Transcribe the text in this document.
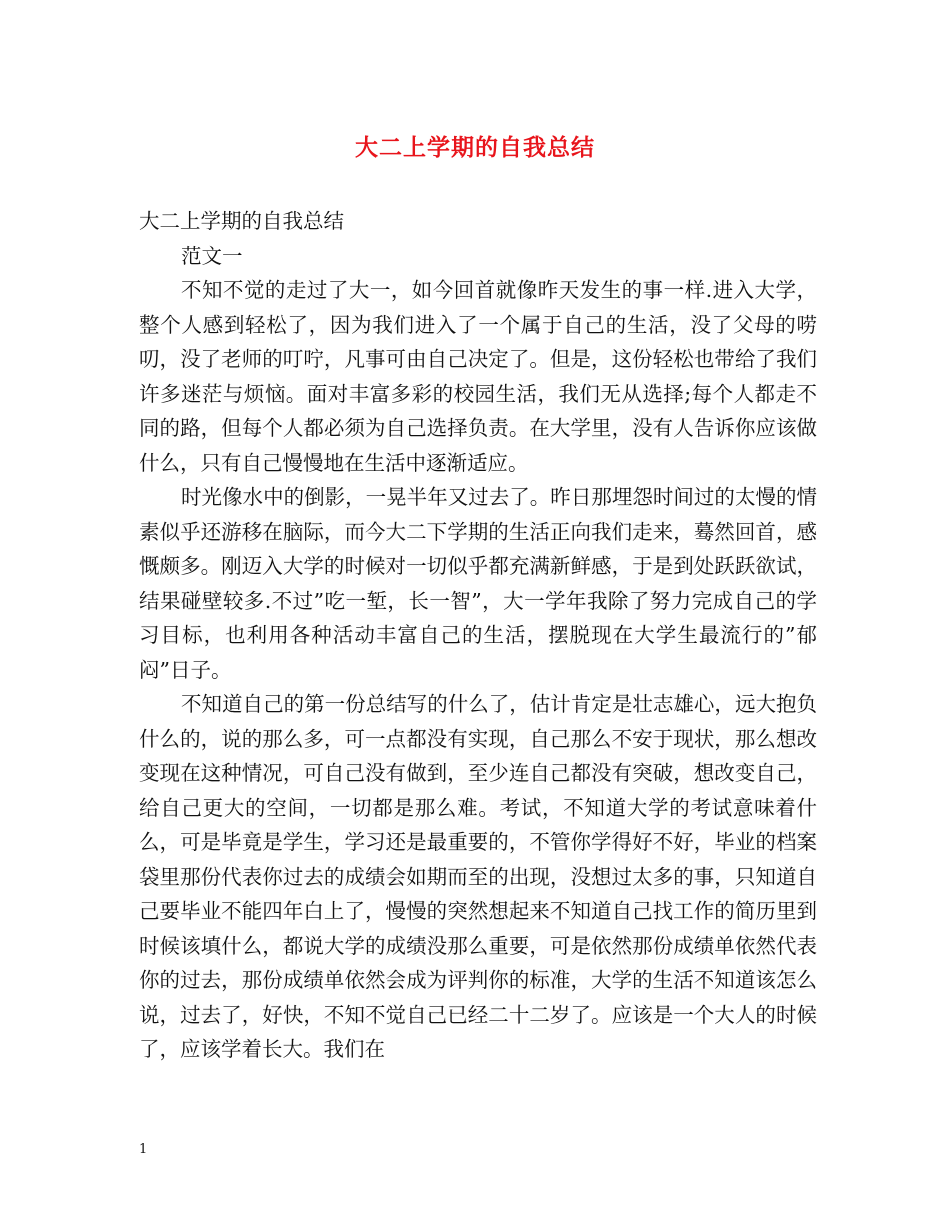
大二上学期的自我总结

大二上学期的自我总结

范文一

不知不觉的走过了大一，如今回首就像昨天发生的事一样.进入大学，整个人感到轻松了，因为我们进入了一个属于自己的生活，没了父母的唠叨，没了老师的叮咛，凡事可由自己决定了。但是，这份轻松也带给了我们许多迷茫与烦恼。面对丰富多彩的校园生活，我们无从选择;每个人都走不同的路，但每个人都必须为自己选择负责。在大学里，没有人告诉你应该做什么，只有自己慢慢地在生活中逐渐适应。

时光像水中的倒影，一晃半年又过去了。昨日那埋怨时间过的太慢的情素似乎还游移在脑际，而今大二下学期的生活正向我们走来，蓦然回首，感慨颇多。刚迈入大学的时候对一切似乎都充满新鲜感，于是到处跃跃欲试，结果碰壁较多.不过”吃一堑，长一智”，大一学年我除了努力完成自己的学习目标，也利用各种活动丰富自己的生活，摆脱现在大学生最流行的”郁闷”日子。

不知道自己的第一份总结写的什么了，估计肯定是壮志雄心，远大抱负什么的，说的那么多，可一点都没有实现，自己那么不安于现状，那么想改变现在这种情况，可自己没有做到，至少连自己都没有突破，想改变自己，给自己更大的空间，一切都是那么难。考试，不知道大学的考试意味着什么，可是毕竟是学生，学习还是最重要的，不管你学得好不好，毕业的档案袋里那份代表你过去的成绩会如期而至的出现，没想过太多的事，只知道自己要毕业不能四年白上了，慢慢的突然想起来不知道自己找工作的简历里到时候该填什么，都说大学的成绩没那么重要，可是依然那份成绩单依然代表你的过去，那份成绩单依然会成为评判你的标准，大学的生活不知道该怎么说，过去了，好快，不知不觉自己已经二十二岁了。应该是一个大人的时候了，应该学着长大。我们在

1
